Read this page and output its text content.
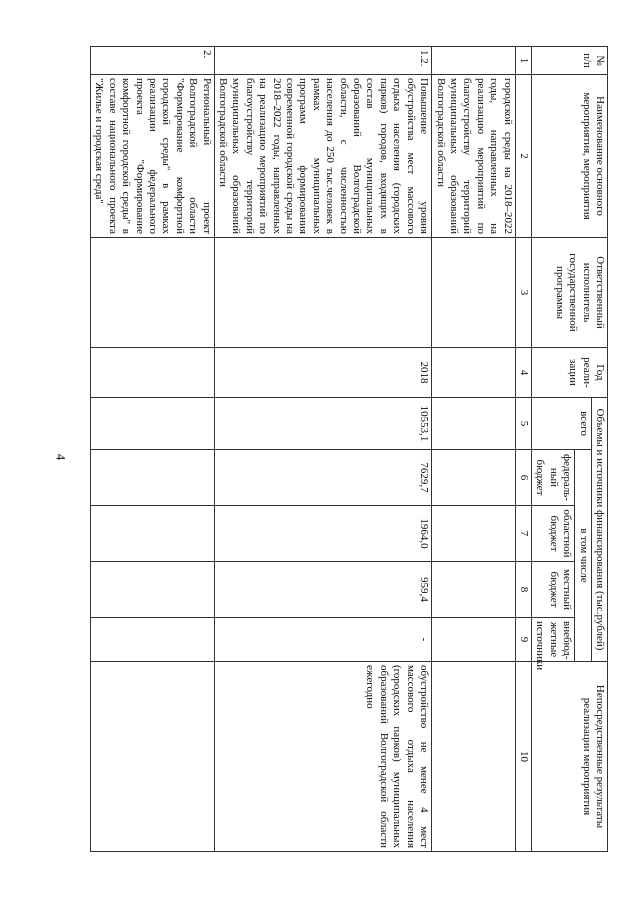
4
№ п/п	Наименование основного мероприятия, мероприятия	Ответственный исполнитель государственной программы	Год реали-зации	Объемы и источники финансирования (тыс.рублей)					Непосредственные результаты реализации мероприятия
				всего	в том числе				
					федераль-ный бюджет	областной бюджет	местный бюджет	внебюд-жетные источники	
1	2	3	4	5	6	7	8	9	10
	городской среды на 2018–2022 годы, направленных на реализацию мероприятий по благоустройству территорий муниципальных образований Волгоградской области								
1.2.	Повышение уровня обустройства мест массового отдыха населения (городских парков) городов, входящих в состав муниципальных образований Волгоградской области, с численностью населения до 250 тыс.человек в рамках муниципальных программ формирования современной городской среды на 2018–2022 годы, направленных на реализацию мероприятий по благоустройству территорий муниципальных образований Волгоградской области		2018	10553,1	7629,7	1964,0	959,4	-	обустройство не менее 4 мест массового отдыха населения (городских парков) муниципальных образований Волгоградской области ежегодно
2.	Региональный проект Волгоградской области "Формирование комфортной городской среды" в рамках реализации федерального проекта "Формирование комфортной городской среды" в составе национального проекта "Жилье и городская среда"								
